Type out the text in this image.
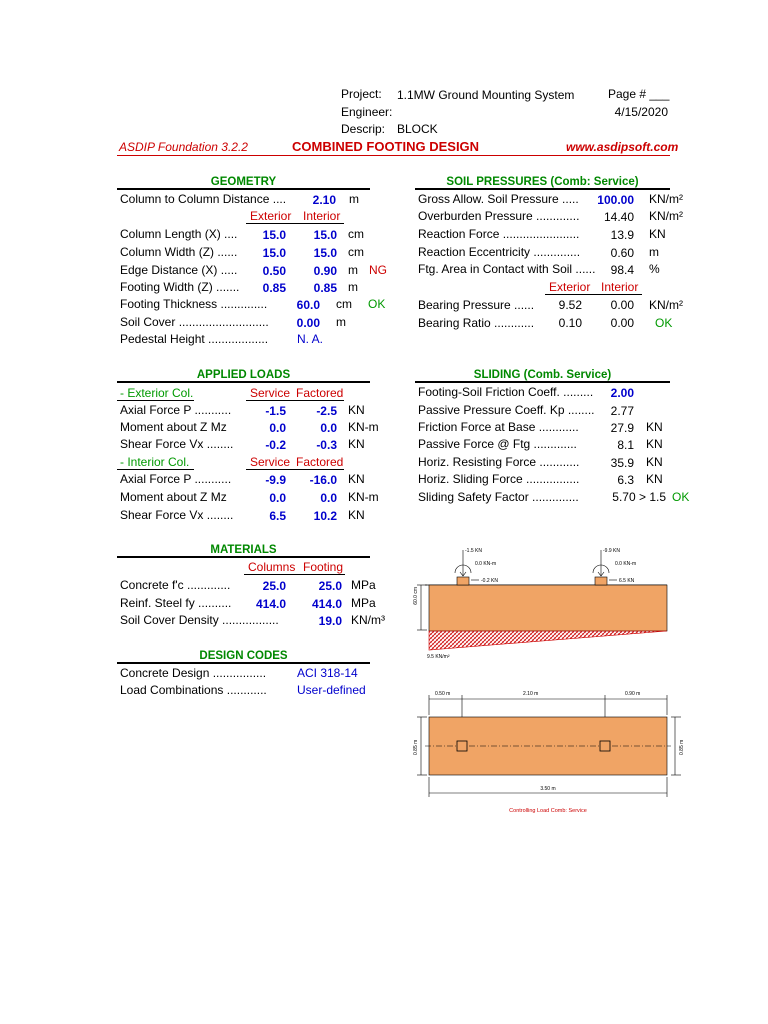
Project: 1.1MW Ground Mounting System	Page # ___
Engineer:	4/15/2020
Descrip: BLOCK
ASDIP Foundation 3.2.2	COMBINED FOOTING DESIGN	www.asdipsoft.com
GEOMETRY
Column to Column Distance ....	2.10 m
Exterior Interior
Column Length (X) ....	15.0	15.0 cm
Column Width (Z) ......	15.0	15.0 cm
Edge Distance (X) .....	0.50	0.90 m NG
Footing Width (Z) .......	0.85	0.85 m
Footing Thickness ..............	60.0 cm OK
Soil Cover ...........................	0.00 m
Pedestal Height .................. N. A.
SOIL PRESSURES (Comb: Service)
Gross Allow. Soil Pressure .....	100.00 KN/m²
Overburden Pressure .............	14.40 KN/m²
Reaction Force .......................	13.9 KN
Reaction Eccentricity ..............	0.60 m
Ftg. Area in Contact with Soil ......	98.4 %
Exterior Interior
Bearing Pressure ......	9.52	0.00 KN/m²
Bearing Ratio ............	0.10	0.00 OK
APPLIED LOADS
- Exterior Col.	Service Factored
Axial Force P ...........	-1.5	-2.5 KN
Moment about Z Mz	0.0	0.0 KN-m
Shear Force Vx ........	-0.2	-0.3 KN
- Interior Col.	Service Factored
Axial Force P ...........	-9.9	-16.0 KN
Moment about Z Mz	0.0	0.0 KN-m
Shear Force Vx ........	6.5	10.2 KN
SLIDING (Comb. Service)
Footing-Soil Friction Coeff. .........	2.00
Passive Pressure Coeff. Kp ........	2.77
Friction Force at Base ............	27.9 KN
Passive Force @ Ftg .............	8.1 KN
Horiz. Resisting Force ............	35.9 KN
Horiz. Sliding Force ................	6.3 KN
Sliding Safety Factor ..............	5.70 > 1.5 OK
MATERIALS
Columns Footing
Concrete f'c .............	25.0	25.0 MPa
Reinf. Steel fy ..........	414.0	414.0 MPa
Soil Cover Density .................	19.0 KN/m³
DESIGN CODES
Concrete Design ................	ACI 318-14
Load Combinations ............	User-defined
60.0 cm
-1.5 KN
0.0 KN-m
-0.2 KN
-9.9 KN
0.0 KN-m
6.5 KN
9.5 KN/m²
0.50 m	2.10 m	0.90 m
0.85 m	0.85 m
3.50 m
Controlling Load Comb: Service
